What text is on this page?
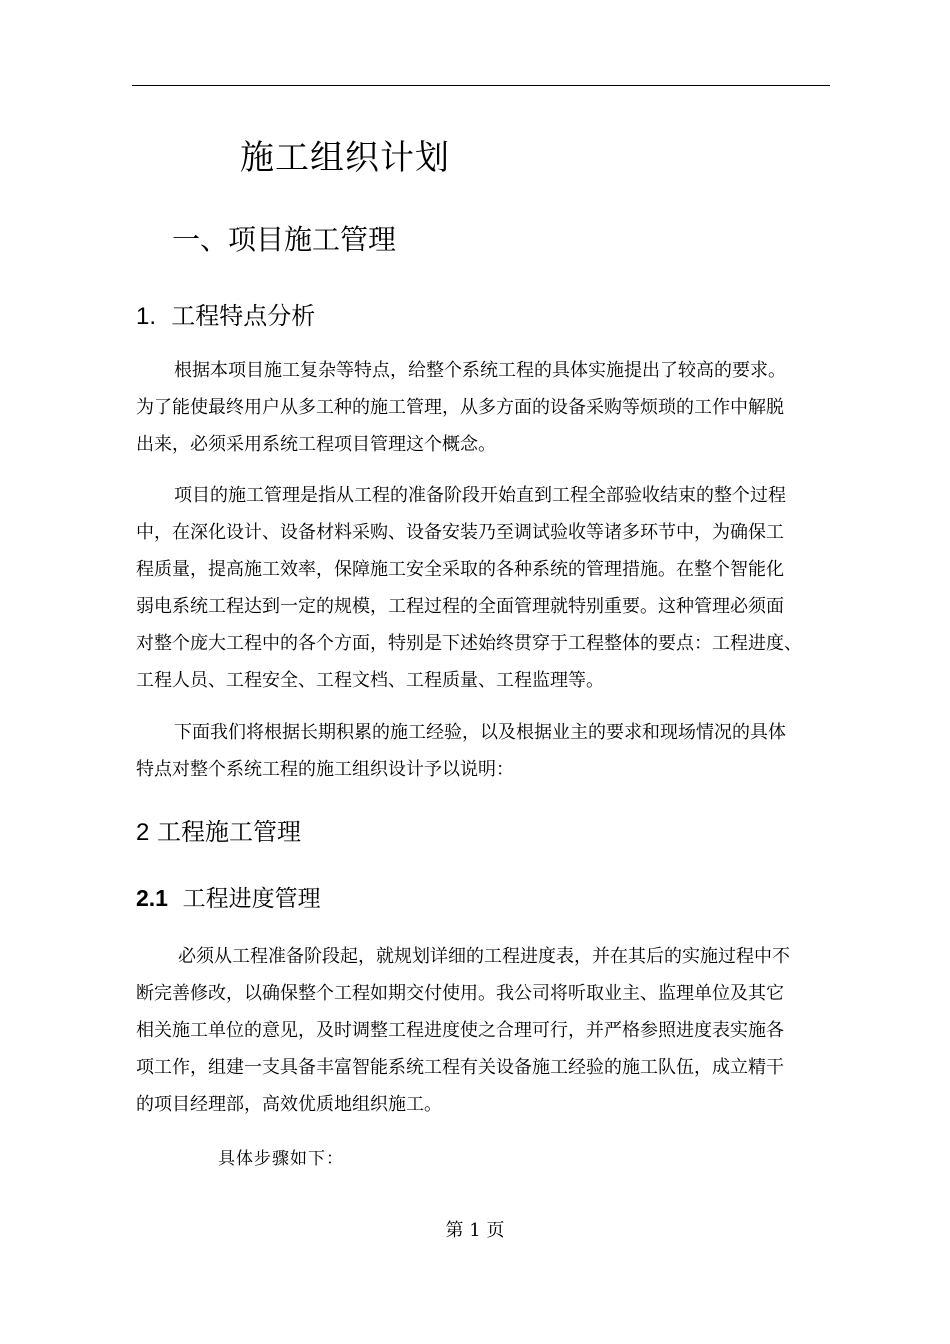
施工组织计划
一、项目施工管理
1. 工程特点分析
根据本项目施工复杂等特点，给整个系统工程的具体实施提出了较高的要求。
为了能使最终用户从多工种的施工管理，从多方面的设备采购等烦琐的工作中解脱
出来，必须采用系统工程项目管理这个概念。
项目的施工管理是指从工程的准备阶段开始直到工程全部验收结束的整个过程
中，在深化设计、设备材料采购、设备安装乃至调试验收等诸多环节中，为确保工
程质量，提高施工效率，保障施工安全采取的各种系统的管理措施。在整个智能化
弱电系统工程达到一定的规模，工程过程的全面管理就特别重要。这种管理必须面
对整个庞大工程中的各个方面，特别是下述始终贯穿于工程整体的要点：工程进度、
工程人员、工程安全、工程文档、工程质量、工程监理等。
下面我们将根据长期积累的施工经验，以及根据业主的要求和现场情况的具体
特点对整个系统工程的施工组织设计予以说明：
2 工程施工管理
2.1 工程进度管理
必须从工程准备阶段起，就规划详细的工程进度表，并在其后的实施过程中不
断完善修改，以确保整个工程如期交付使用。我公司将听取业主、监理单位及其它
相关施工单位的意见，及时调整工程进度使之合理可行，并严格参照进度表实施各
项工作，组建一支具备丰富智能系统工程有关设备施工经验的施工队伍，成立精干
的项目经理部，高效优质地组织施工。
具体步骤如下：
第 1 页
